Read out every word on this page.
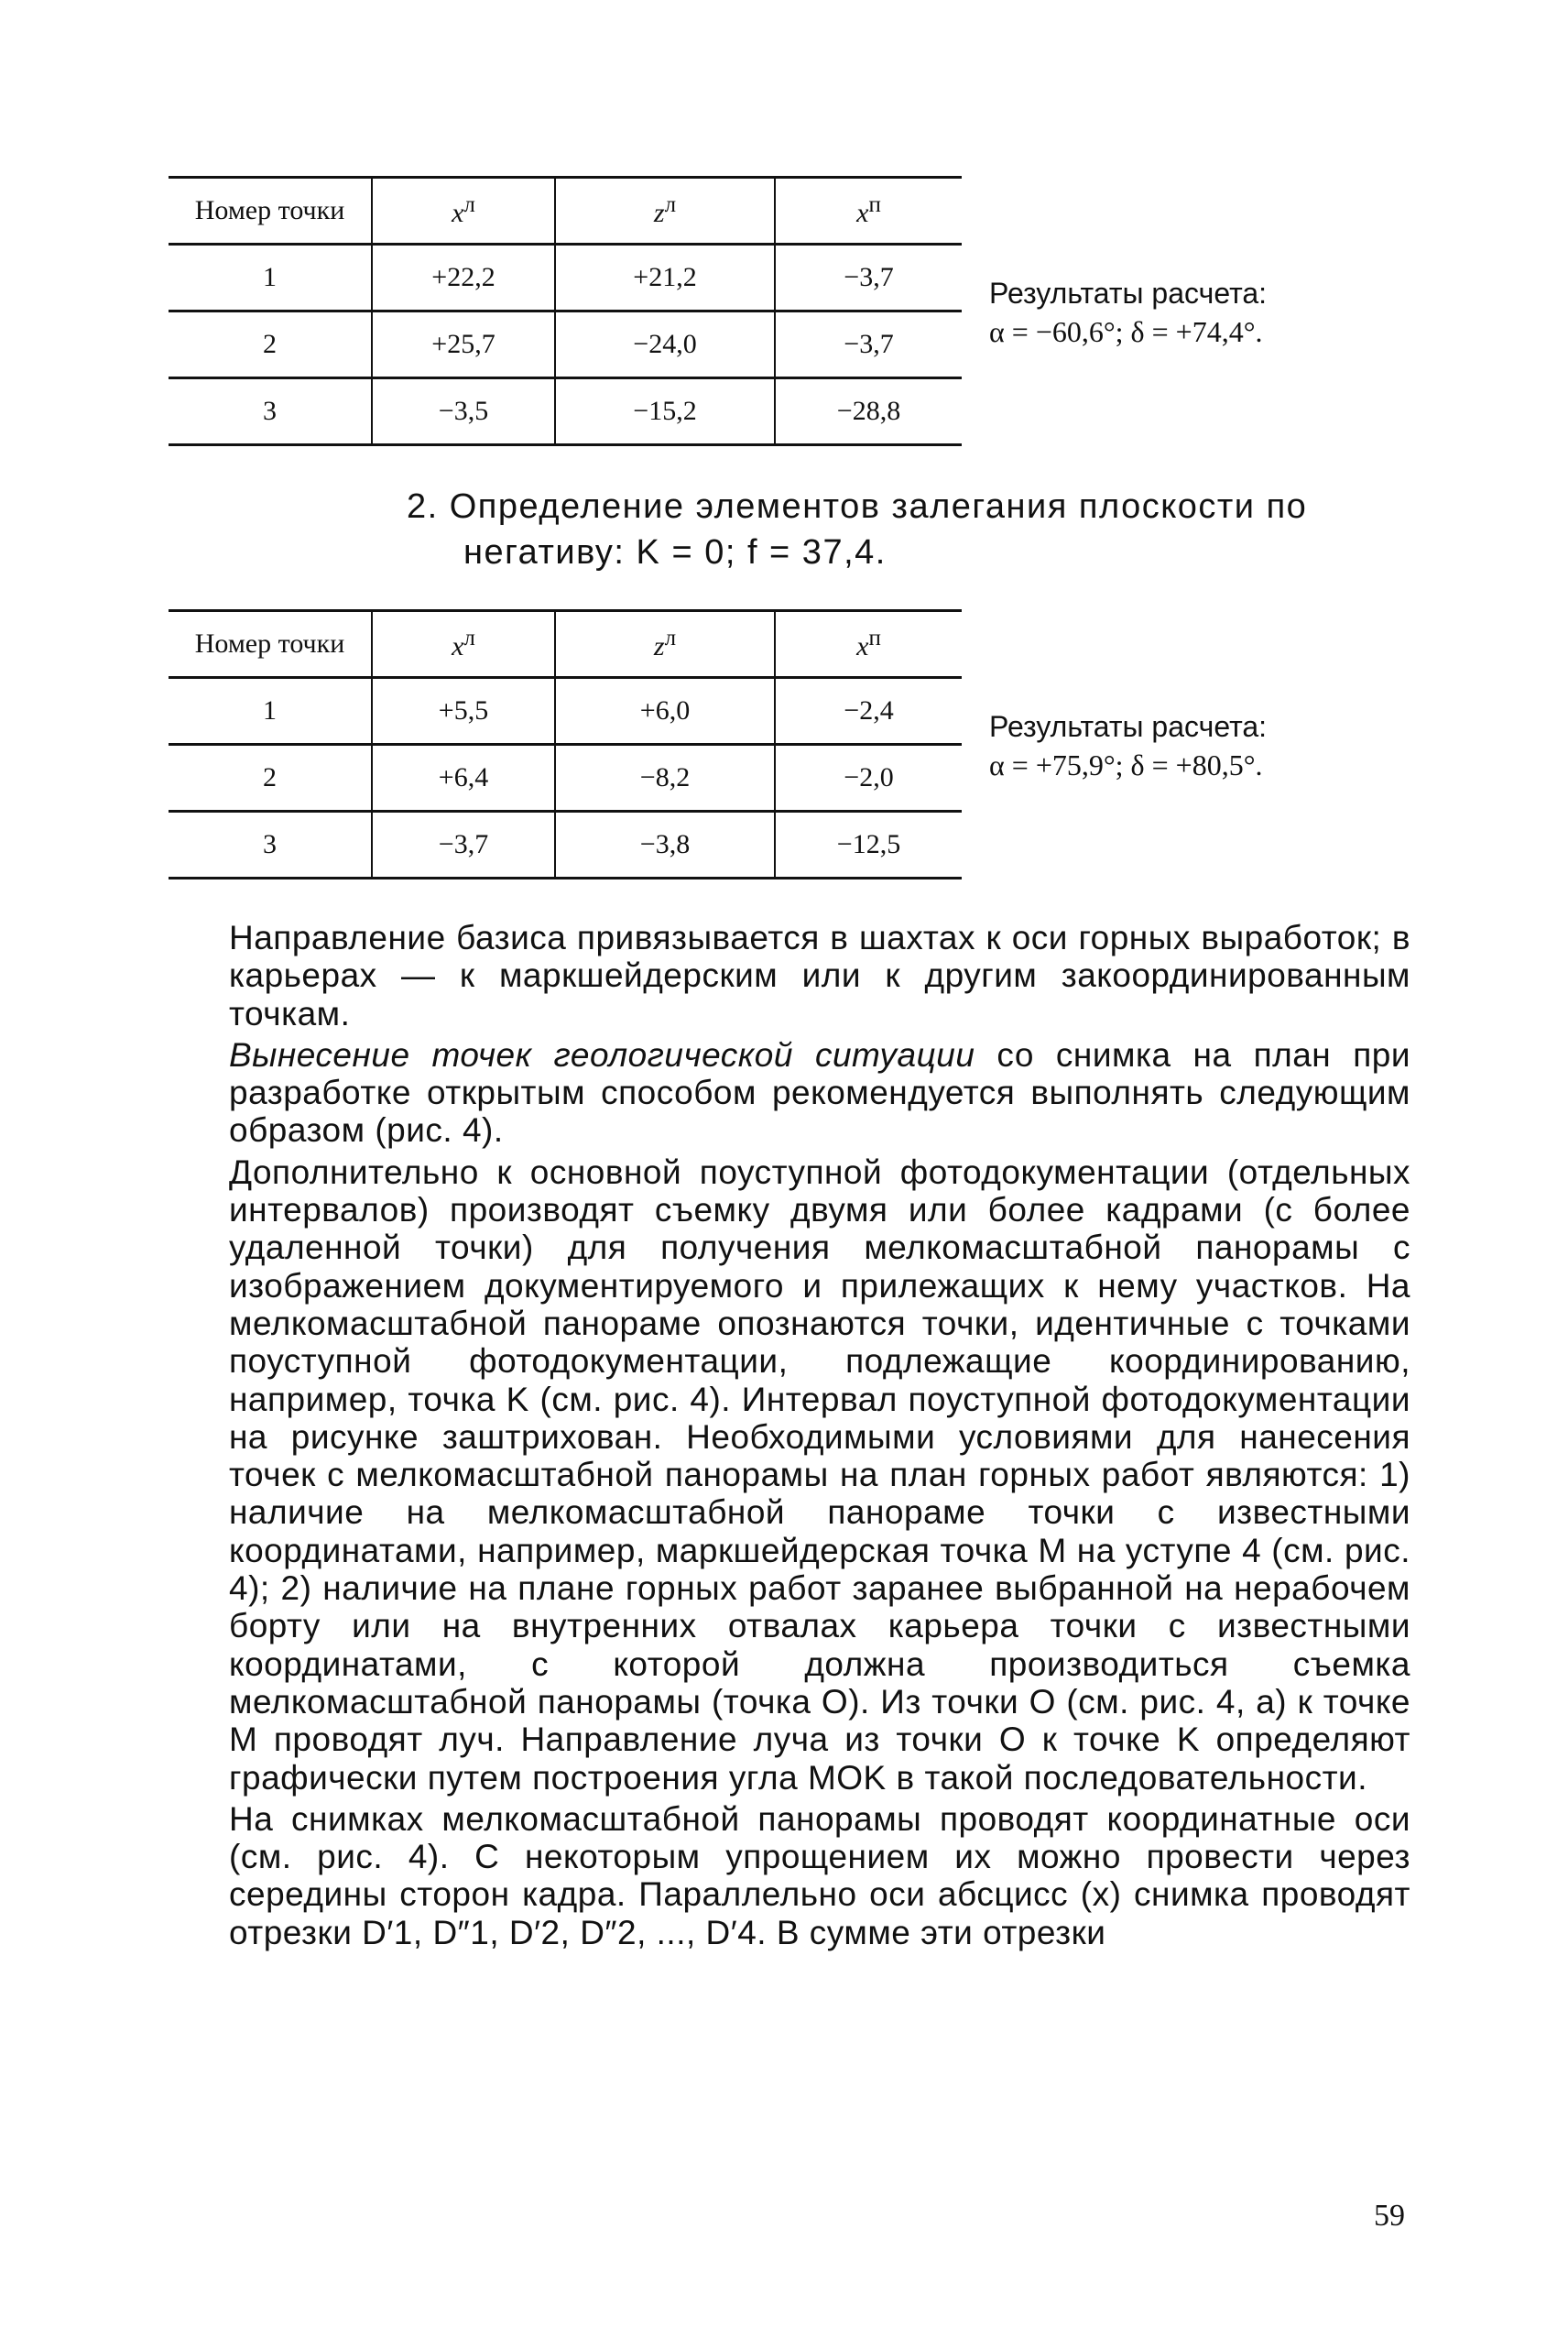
Номер точки	$x^л$	$z^л$	$x^п$
1	+22,2	+21,2	−3,7
2	+25,7	−24,0	−3,7
3	−3,5	−15,2	−28,8
Результаты расчета:
α = −60,6°; δ = +74,4°.
2. Определение элементов залегания плоскости по
негативу: K = 0; f = 37,4.
Номер точки	$x^л$	$z^л$	$x^п$
1	+5,5	+6,0	−2,4
2	+6,4	−8,2	−2,0
3	−3,7	−3,8	−12,5
Результаты расчета:
α = +75,9°; δ = +80,5°.

Направление базиса привязывается в шахтах к оси горных выработок; в карьерах — к маркшейдерским или к другим закоординированным точкам.

Вынесение точек геологической ситуации со снимка на план при разработке открытым способом рекомендуется выполнять следующим образом (рис. 4).

Дополнительно к основной поуступной фотодокументации (отдельных интервалов) производят съемку двумя или более кадрами (с более удаленной точки) для получения мелкомасштабной панорамы с изображением документируемого и прилежащих к нему участков. На мелкомасштабной панораме опознаются точки, идентичные с точками поуступной фотодокументации, подлежащие координированию, например, точка K (см. рис. 4). Интервал поуступной фотодокументации на рисунке заштрихован. Необходимыми условиями для нанесения точек с мелкомасштабной панорамы на план горных работ являются: 1) наличие на мелкомасштабной панораме точки с известными координатами, например, маркшейдерская точка M на уступе 4 (см. рис. 4); 2) наличие на плане горных работ заранее выбранной на нерабочем борту или на внутренних отвалах карьера точки с известными координатами, с которой должна производиться съемка мелкомасштабной панорамы (точка О). Из точки О (см. рис. 4, a) к точке M проводят луч. Направление луча из точки О к точке K определяют графически путем построения угла MOK в такой последовательности.

На снимках мелкомасштабной панорамы проводят координатные оси (см. рис. 4). С некоторым упрощением их можно провести через середины сторон кадра. Параллельно оси абсцисс (x) снимка проводят отрезки D′1, D″1, D′2, D″2, ..., D′4. В сумме эти отрезки

59
